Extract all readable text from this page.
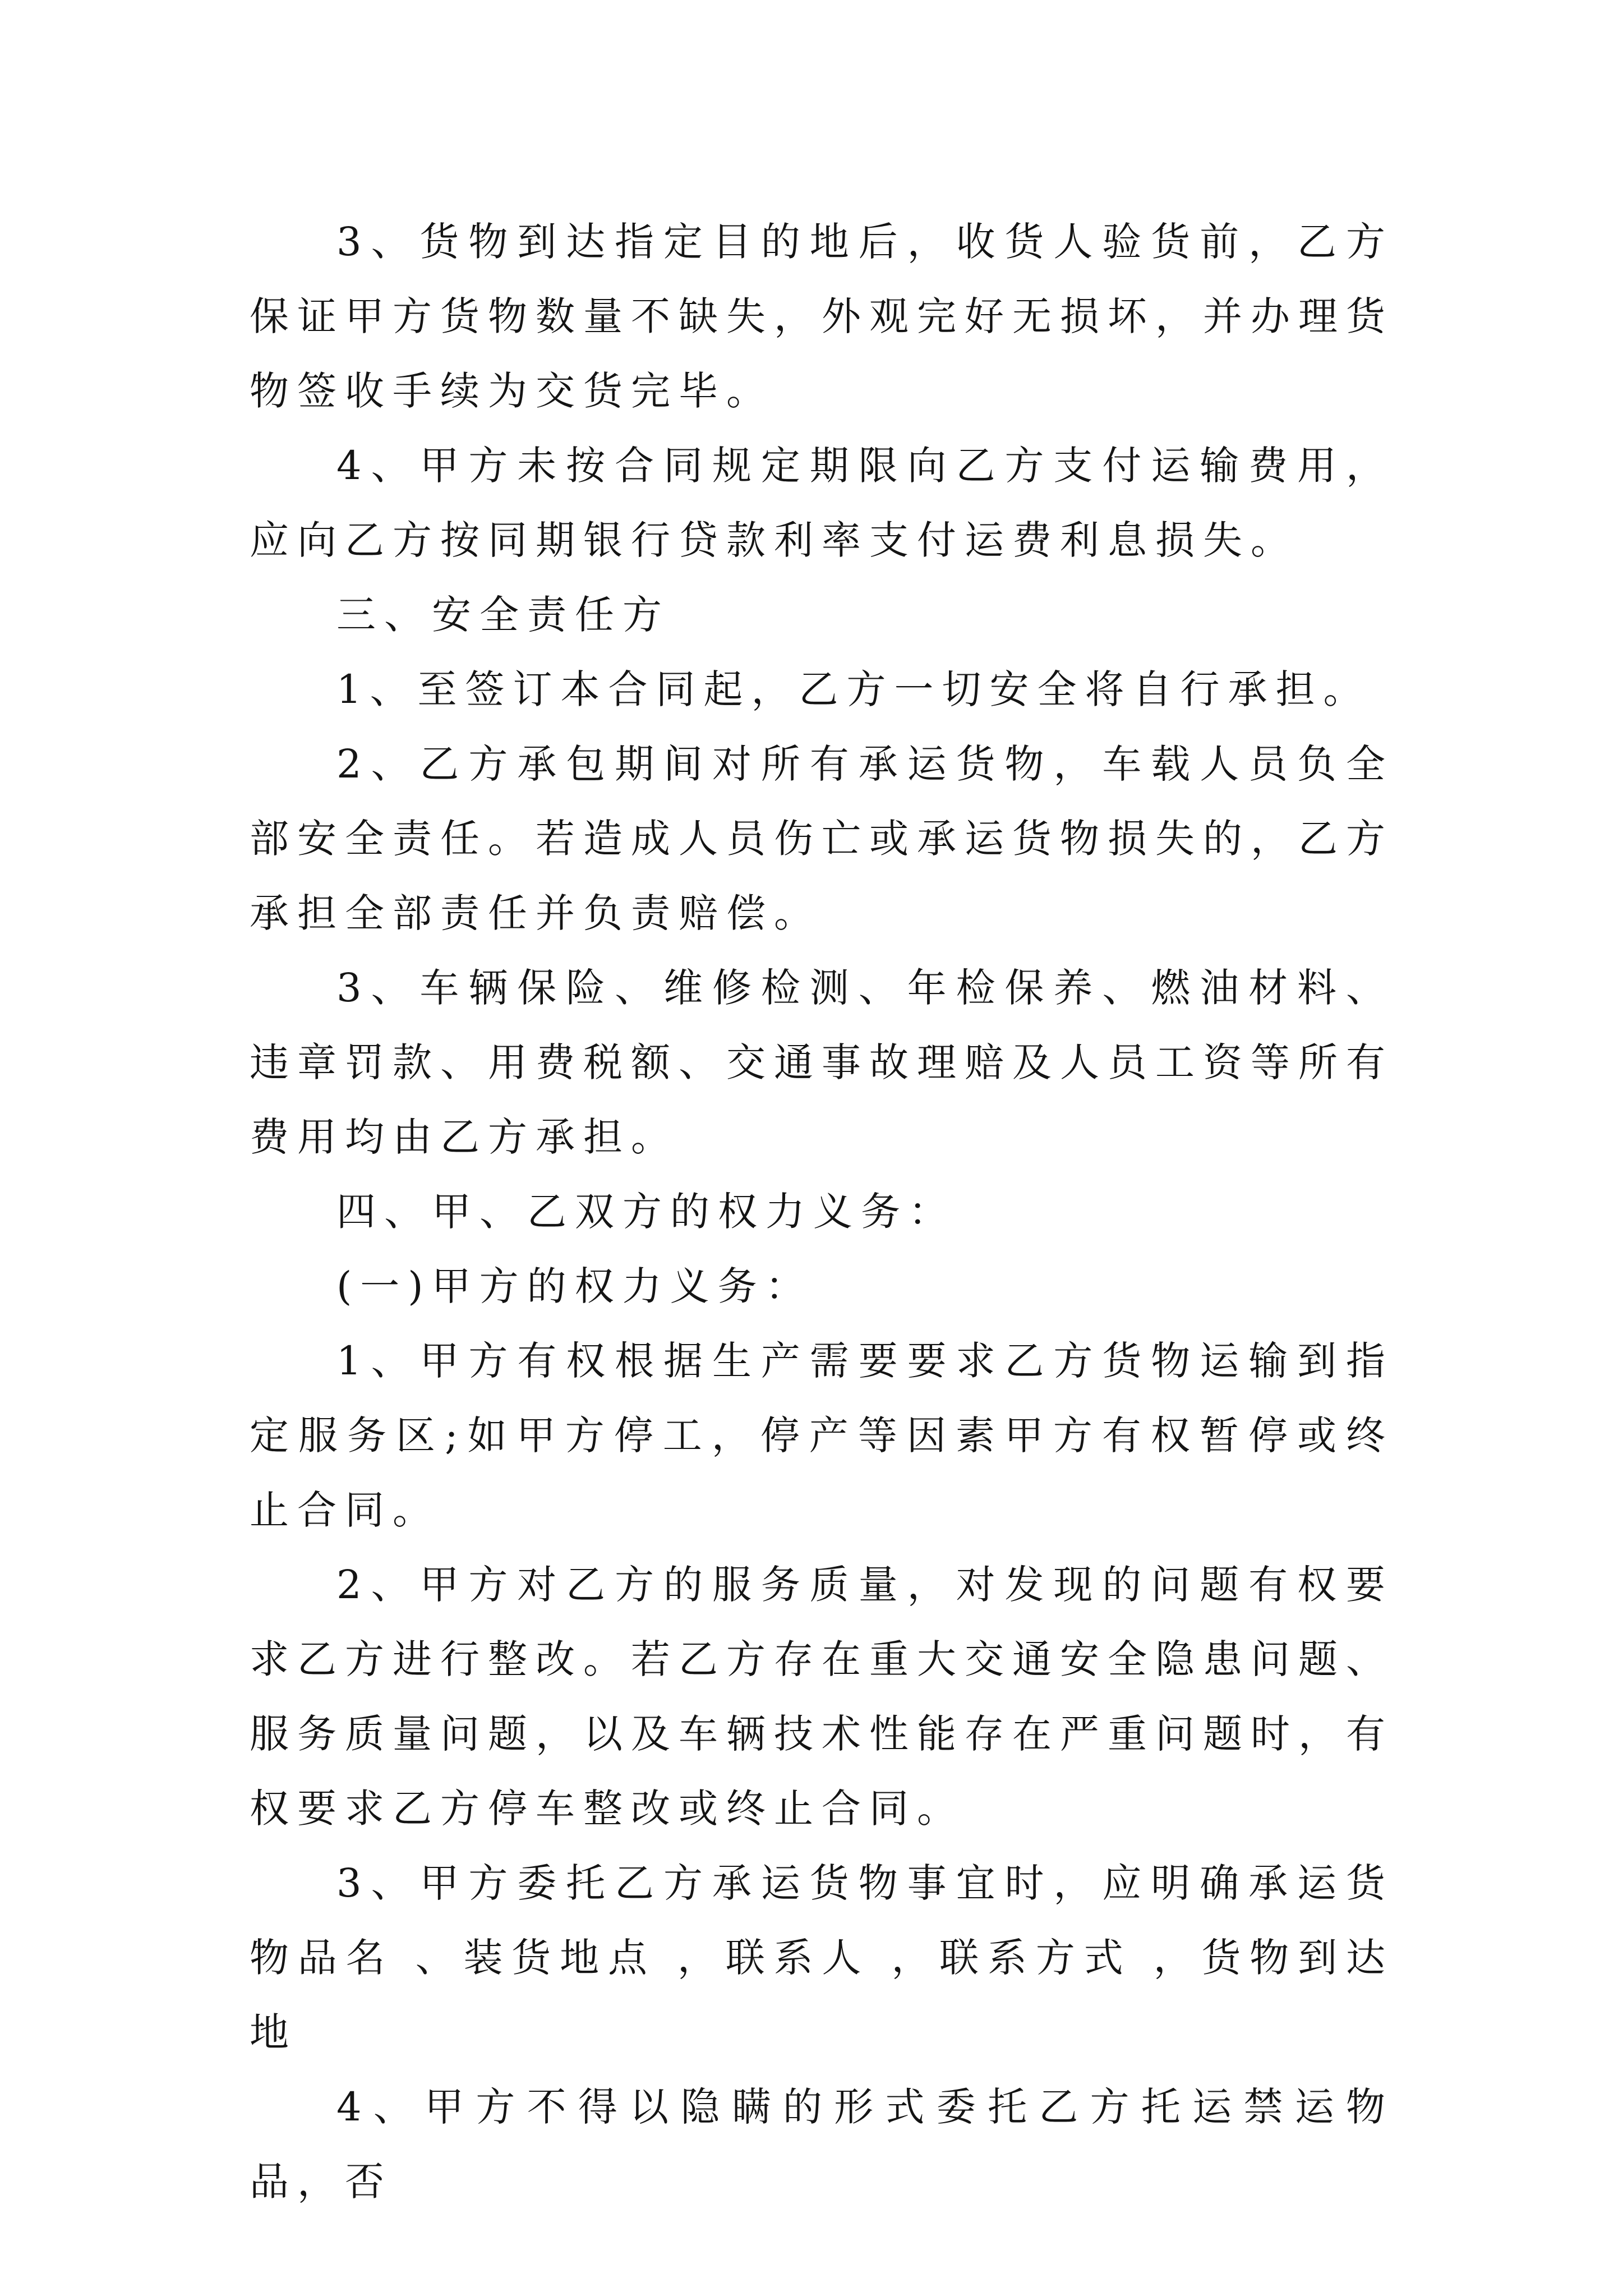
3、货物到达指定目的地后，收货人验货前，乙方保证甲方货物数量不缺失，外观完好无损坏，并办理货物签收手续为交货完毕。

4、甲方未按合同规定期限向乙方支付运输费用，应向乙方按同期银行贷款利率支付运费利息损失。

三、安全责任方

1、至签订本合同起，乙方一切安全将自行承担。

2、乙方承包期间对所有承运货物，车载人员负全部安全责任。若造成人员伤亡或承运货物损失的，乙方承担全部责任并负责赔偿。

3、车辆保险、维修检测、年检保养、燃油材料、违章罚款、用费税额、交通事故理赔及人员工资等所有费用均由乙方承担。

四、甲、乙双方的权力义务：

(一)甲方的权力义务：

1、甲方有权根据生产需要要求乙方货物运输到指定服务区;如甲方停工，停产等因素甲方有权暂停或终止合同。

2、甲方对乙方的服务质量，对发现的问题有权要求乙方进行整改。若乙方存在重大交通安全隐患问题、服务质量问题，以及车辆技术性能存在严重问题时，有权要求乙方停车整改或终止合同。

3、甲方委托乙方承运货物事宜时，应明确承运货物品名 、装货地点 ，联系人 ，联系方式 ，货物到达地

4、甲方不得以隐瞒的形式委托乙方托运禁运物品，否
